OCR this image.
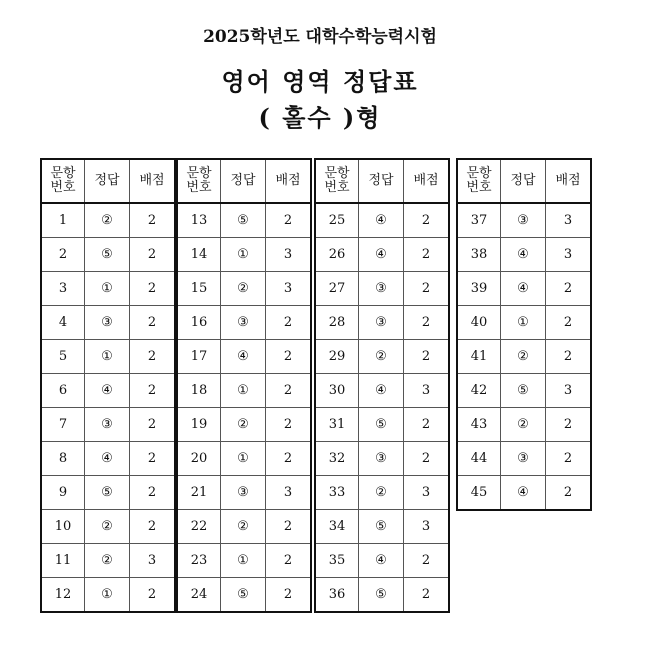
2025학년도 대학수학능력시험
영어 영역 정답표
( 홀수 )형
문항
번호	정답	배점
1	②	2
2	⑤	2
3	①	2
4	③	2
5	①	2
6	④	2
7	③	2
8	④	2
9	⑤	2
10	②	2
11	②	3
12	①	2
문항
번호	정답	배점
13	⑤	2
14	①	3
15	②	3
16	③	2
17	④	2
18	①	2
19	②	2
20	①	2
21	③	3
22	②	2
23	①	2
24	⑤	2
문항
번호	정답	배점
25	④	2
26	④	2
27	③	2
28	③	2
29	②	2
30	④	3
31	⑤	2
32	③	2
33	②	3
34	⑤	3
35	④	2
36	⑤	2
문항
번호	정답	배점
37	③	3
38	④	3
39	④	2
40	①	2
41	②	2
42	⑤	3
43	②	2
44	③	2
45	④	2
